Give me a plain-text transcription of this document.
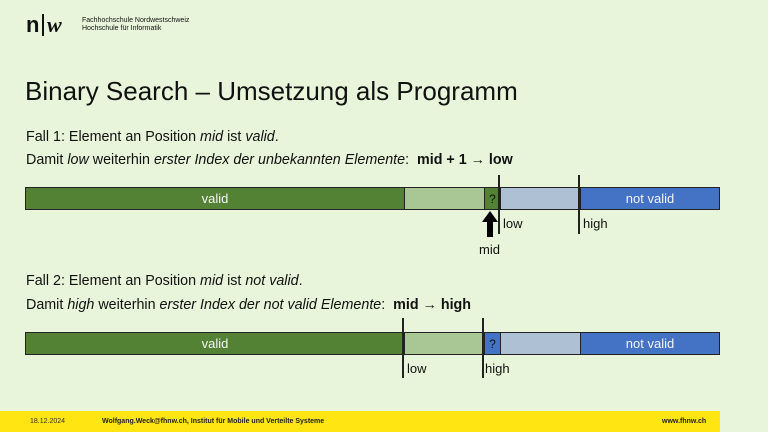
n w	Fachhochschule Nordwestschweiz
Hochschule für Informatik
Binary Search – Umsetzung als Programm
Fall 1: Element an Position mid ist valid.
Damit low weiterhin erster Index der unbekannten Elemente:  mid + 1 → low
valid	?	not valid
low	high
mid
Fall 2: Element an Position mid ist not valid.
Damit high weiterhin erster Index der not valid Elemente:  mid → high
valid	?	not valid
low	high
18.12.2024	Wolfgang.Weck@fhnw.ch, Institut für Mobile und Verteilte Systeme	www.fhnw.ch
